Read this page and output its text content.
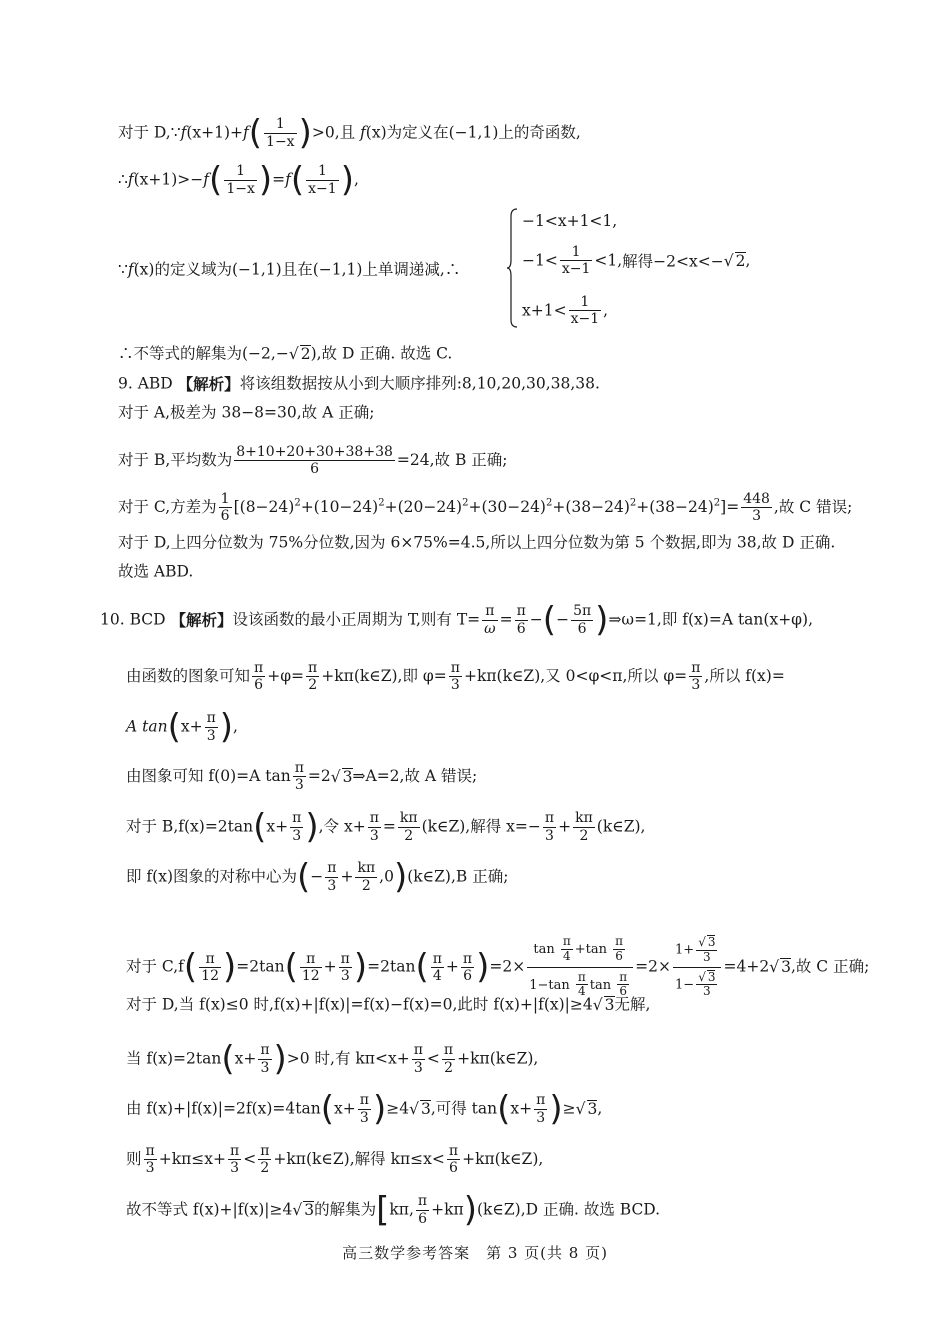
对于 D,∵f(x+1)+f( $\frac{1}{1-x} )>0$,且 f(x)为定义在(−1,1)上的奇函数,
∴f(x+1)>−f( $\frac{1}{1-x} )=f( \frac{1}{x-1}$ ),
∵f(x)的定义域为(−1,1)且在(−1,1)上单调递减,∴
−1<x+1<1,
$-1< \frac{1}{x-1} <1$,解得−2<x<−√ 2,
$x+1< \frac{1}{x-1}$ ,
∴不等式的解集为(−2,−√ 2),故 D 正确. 故选 C.
9. ABD 【解析】将该组数据按从小到大顺序排列:8,10,20,30,38,38.
对于 A,极差为 38−8=30,故 A 正确;
对于 B,平均数为 $\frac{8+10+20+30+38+38}{6} =24$,故 B 正确;
对于 C,方差为 $\frac{1}{6} [(8-24)^2+(10-24)^2+(20-24)^2+(30-24)^2+(38-24)^2+(38-24)^2]= \frac{448}{3}$ ,故 C 错误;
对于 D,上四分位数为 75%分位数,因为 6×75%=4.5,所以上四分位数为第 5 个数据,即为 38,故 D 正确.
故选 ABD.
10. BCD 【解析】设该函数的最小正周期为 T,则有 $T= \frac{\pi}{\omega} = \frac{\pi}{6}$ −(− $\frac{5\pi}{6}$ )⇒ω=1,即 f(x)=A tan(x+φ),
由函数的图象可知 $\frac{\pi}{6} +\varphi= \frac{\pi}{2}$ +kπ(k∈Z),即 $\varphi= \frac{\pi}{3}$ +kπ(k∈Z),又 0<φ<π,所以 $\varphi= \frac{\pi}{3}$ ,所以 f(x)=
A $\tan(x+ \frac{\pi}{3}$ ),
由图象可知 f(0)=A $\tan \frac{\pi}{3} =2√$ 3⇒A=2,故 A 错误;
对于 $B,f(x)=2\tan(x+ \frac{\pi}{3}$ ),令 $x+ \frac{\pi}{3} = \frac{k\pi}{2}$ (k∈Z),解得 $x=- \frac{\pi}{3} + \frac{k\pi}{2}$ (k∈Z),
即 f(x)图象的对称中心为(− $\frac{\pi}{3} + \frac{k\pi}{2}$ ,0)(k∈Z),B 正确;
对于 $C,f( \frac{\pi}{12} )=2\tan( \frac{\pi}{12} + \frac{\pi}{3} )=2\tan( \frac{\pi}{4} + \frac{\pi}{6} )=2\times \frac{\tan \frac{\pi}{4} +\tan \frac{\pi}{6}}{1-\tan \frac{\pi}{4} \tan \frac{\pi}{6}} =2\times \frac{1+ \frac{√ 3}{3}}{1- \frac{√ 3}{3}} =4+2√$ 3,故 C 正确;
对于 D,当 f(x)≤0 时,f(x)+|f(x)|=f(x)−f(x)=0,此时 f(x)+|f(x)|≥4√ 3无解,
当 $f(x)=2\tan(x+ \frac{\pi}{3} )>0$ 时,有 $k\pi<x+ \frac{\pi}{3} < \frac{\pi}{2}$ +kπ(k∈Z),
由 $f(x)+|f(x)|=2f(x)=4\tan(x+ \frac{\pi}{3} )\ge 4√$ 3,可得 $\tan(x+ \frac{\pi}{3}$ )≥√ 3,
则 $\frac{\pi}{3} +k\pi\le x+ \frac{\pi}{3} < \frac{\pi}{2}$ +kπ(k∈Z),解得 $k\pi\le x< \frac{\pi}{6}$ +kπ(k∈Z),
故不等式 f(x)+|f(x)|≥4√ 3的解集为[kπ, $\frac{\pi}{6}$ +kπ)(k∈Z),D 正确. 故选 BCD.
高三数学参考答案　第 3 页(共 8 页)
